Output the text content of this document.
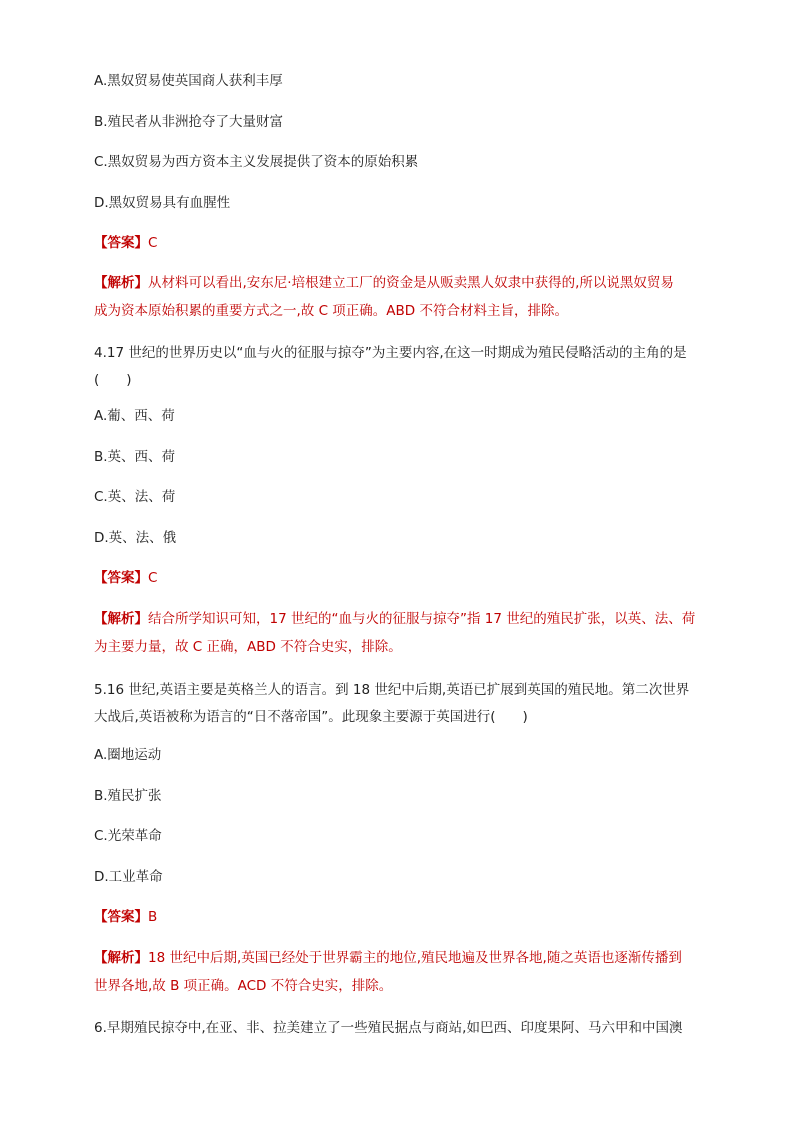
A.黑奴贸易使英国商人获利丰厚
B.殖民者从非洲抢夺了大量财富
C.黑奴贸易为西方资本主义发展提供了资本的原始积累
D.黑奴贸易具有血腥性
【答案】C
【解析】从材料可以看出,安东尼·培根建立工厂的资金是从贩卖黑人奴隶中获得的,所以说黑奴贸易
成为资本原始积累的重要方式之一,故 C 项正确。ABD 不符合材料主旨，排除。
4.17 世纪的世界历史以“血与火的征服与掠夺”为主要内容,在这一时期成为殖民侵略活动的主角的是
(　　)
A.葡、西、荷
B.英、西、荷
C.英、法、荷
D.英、法、俄
【答案】C
【解析】结合所学知识可知，17 世纪的“血与火的征服与掠夺”指 17 世纪的殖民扩张，以英、法、荷
为主要力量，故 C 正确，ABD 不符合史实，排除。
5.16 世纪,英语主要是英格兰人的语言。到 18 世纪中后期,英语已扩展到英国的殖民地。第二次世界
大战后,英语被称为语言的“日不落帝国”。此现象主要源于英国进行(　　)
A.圈地运动
B.殖民扩张
C.光荣革命
D.工业革命
【答案】B
【解析】18 世纪中后期,英国已经处于世界霸主的地位,殖民地遍及世界各地,随之英语也逐渐传播到
世界各地,故 B 项正确。ACD 不符合史实，排除。
6.早期殖民掠夺中,在亚、非、拉美建立了一些殖民据点与商站,如巴西、印度果阿、马六甲和中国澳
